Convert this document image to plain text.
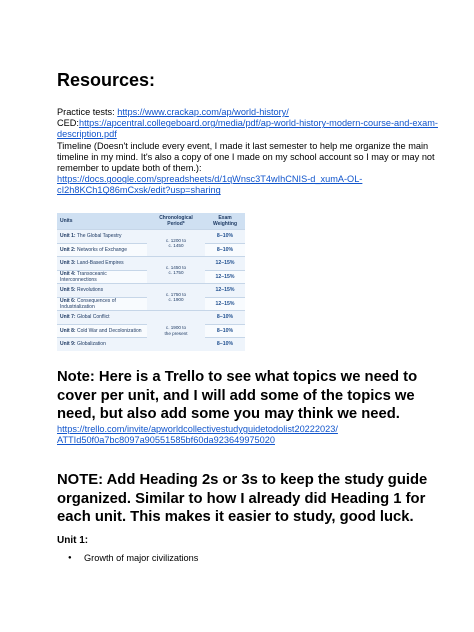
Resources:
Practice tests: https://www.crackap.com/ap/world-history/
CED:https://apcentral.collegeboard.org/media/pdf/ap-world-history-modern-course-and-exam-
description.pdf
Timeline (Doesn't include every event, I made it last semester to help me organize the main
timeline in my mind. It's also a copy of one I made on my school account so I may or may not
remember to update both of them.):
https://docs.google.com/spreadsheets/d/1qWnsc3T4wIhCNIS-d_xumA-OL-
cI2h8KCh1Q86mCxsk/edit?usp=sharing
Units	Chronological Period*	Exam Weighting
Unit 1: The Global Tapestry	c. 1200 to
c. 1450	8–10%
Unit 2: Networks of Exchange		8–10%
Unit 3: Land-Based Empires	c. 1450 to
c. 1750	12–15%
Unit 4: Transoceanic Interconnections		12–15%
Unit 5: Revolutions	c. 1750 to
c. 1900	12–15%
Unit 6: Consequences of Industrialization		12–15%
Unit 7: Global Conflict	c. 1900 to
the present	8–10%
Unit 8: Cold War and Decolonization		8–10%
Unit 9: Globalization		8–10%
Note: Here is a Trello to see what topics we need to
cover per unit, and I will add some of the topics we
need, but also add some you may think we need.
https://trello.com/invite/apworldcollectivestudyguidetodolist20222023/
ATTId50f0a7bc8097a90551585bf60da923649975020
NOTE: Add Heading 2s or 3s to keep the study guide
organized. Similar to how I already did Heading 1 for
each unit. This makes it easier to study, good luck.
Unit 1:
● Growth of major civilizations
